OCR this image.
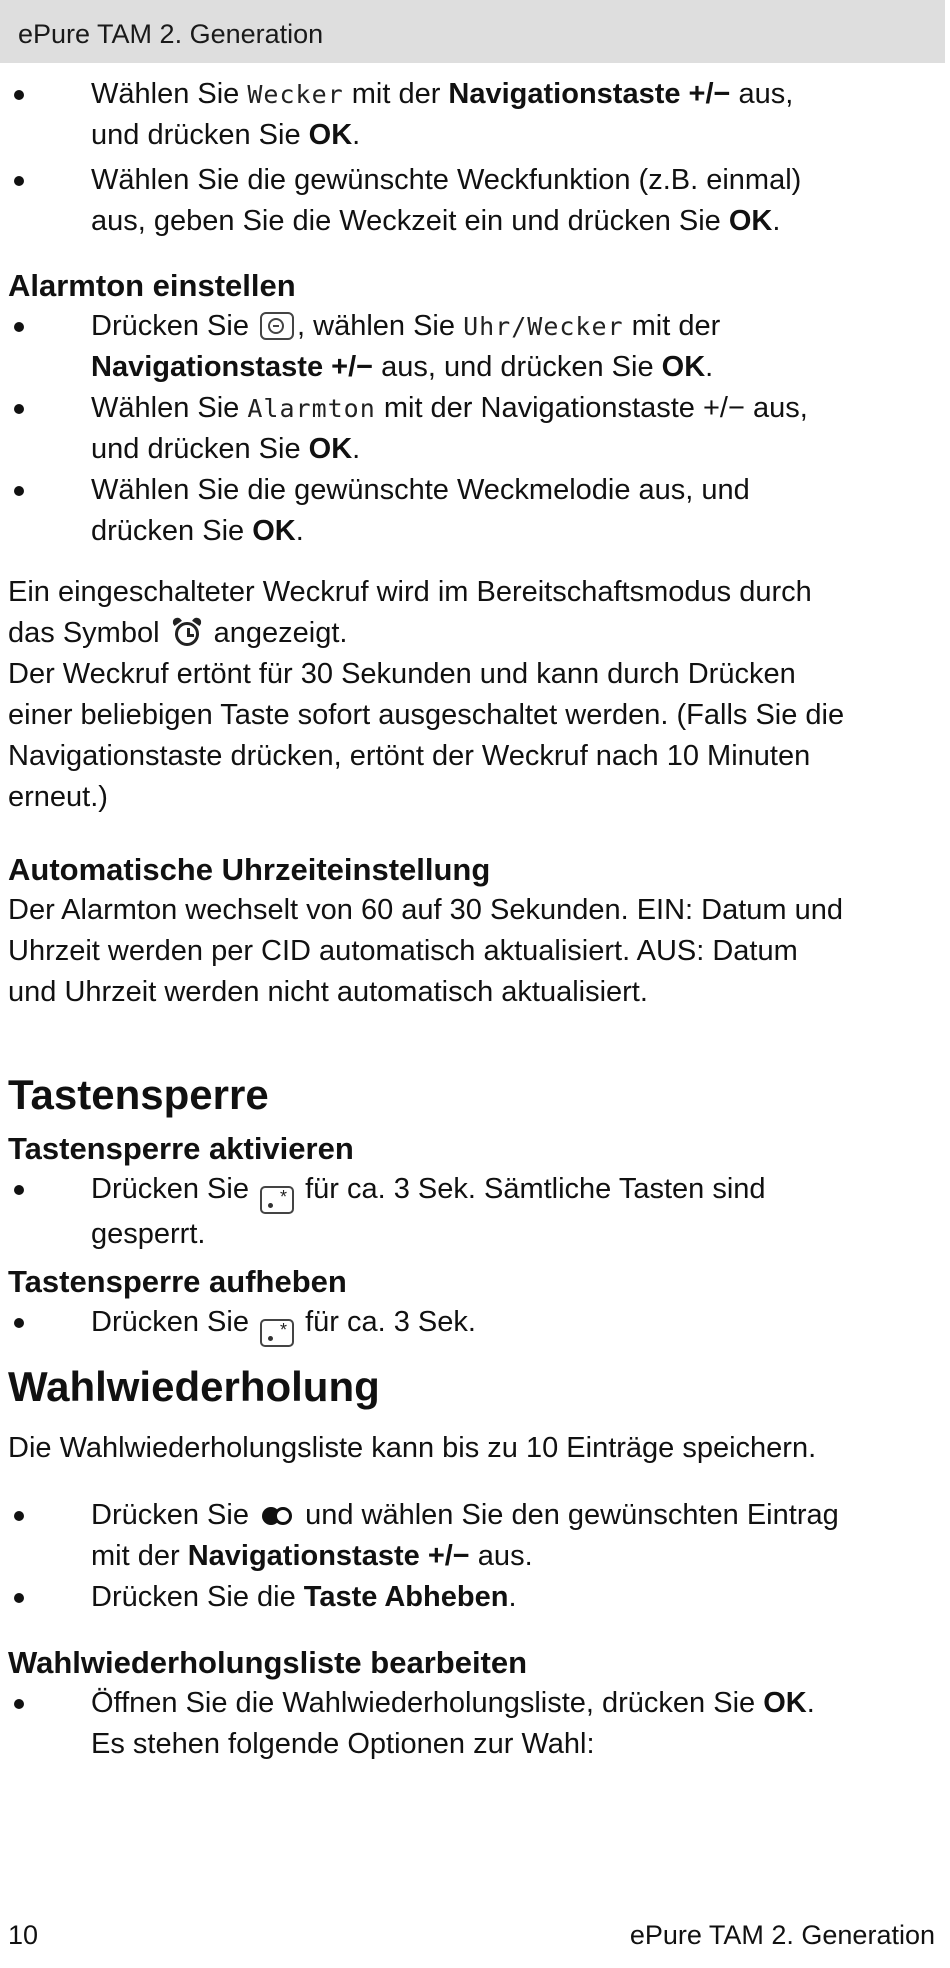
ePure TAM 2. Generation
Wählen Sie Wecker mit der Navigationstaste +/− aus,
und drücken Sie OK.
Wählen Sie die gewünschte Weckfunktion (z.B. einmal)
aus, geben Sie die Weckzeit ein und drücken Sie OK.
Alarmton einstellen
Drücken Sie
, wählen Sie Uhr/Wecker mit der
Navigationstaste +/− aus, und drücken Sie OK.
Wählen Sie Alarmton mit der Navigationstaste +/− aus,
und drücken Sie OK.
Wählen Sie die gewünschte Weckmelodie aus, und
drücken Sie OK.
Ein eingeschalteter Weckruf wird im Bereitschaftsmodus durch
das Symbol
angezeigt.
Der Weckruf ertönt für 30 Sekunden und kann durch Drücken
einer beliebigen Taste sofort ausgeschaltet werden. (Falls Sie die
Navigationstaste drücken, ertönt der Weckruf nach 10 Minuten
erneut.)
Automatische Uhrzeiteinstellung
Der Alarmton wechselt von 60 auf 30 Sekunden. EIN: Datum und
Uhrzeit werden per CID automatisch aktualisiert. AUS: Datum
und Uhrzeit werden nicht automatisch aktualisiert.
Tastensperre
Tastensperre aktivieren
Drücken Sie *
für ca. 3 Sek. Sämtliche Tasten sind
gesperrt.
Tastensperre aufheben
Drücken Sie *
für ca. 3 Sek.
Wahlwiederholung
Die Wahlwiederholungsliste kann bis zu 10 Einträge speichern.
Drücken Sie
und wählen Sie den gewünschten Eintrag
mit der Navigationstaste +/− aus.
Drücken Sie die Taste Abheben.
Wahlwiederholungsliste bearbeiten
Öffnen Sie die Wahlwiederholungsliste, drücken Sie OK.
Es stehen folgende Optionen zur Wahl:
10	ePure TAM 2. Generation
